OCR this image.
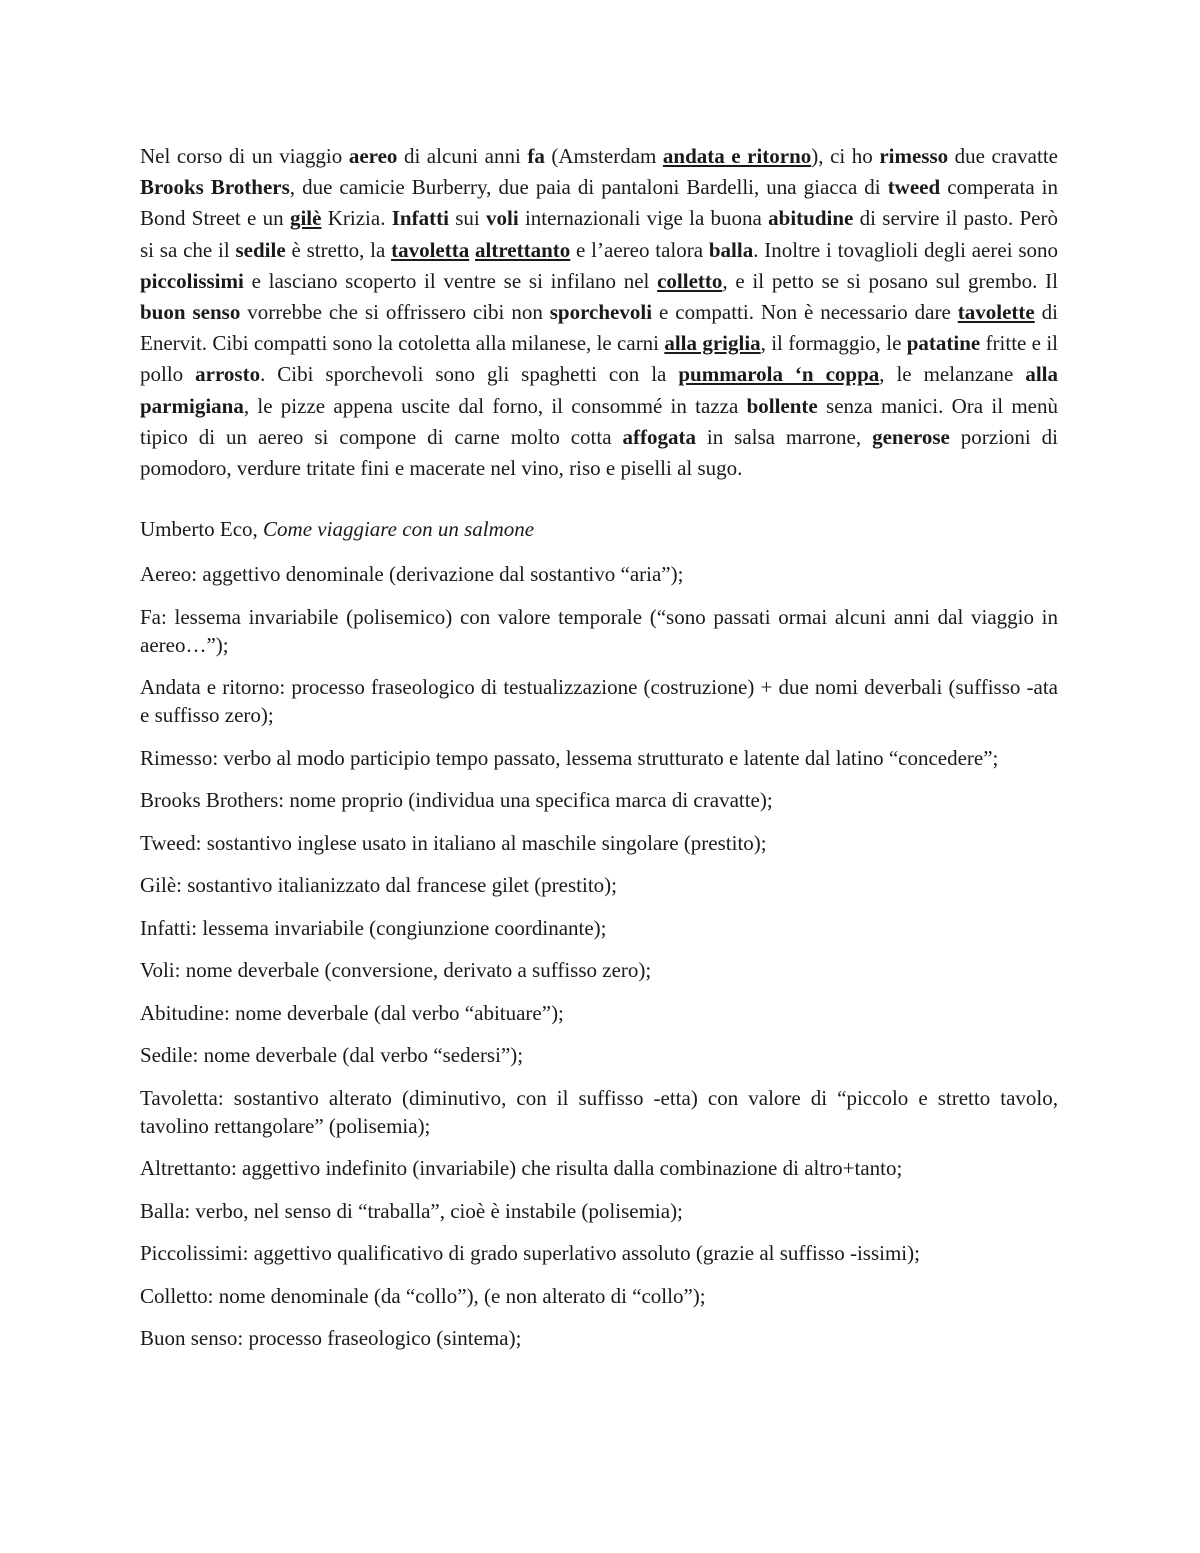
Nel corso di un viaggio aereo di alcuni anni fa (Amsterdam andata e ritorno), ci ho rimesso due cravatte Brooks Brothers, due camicie Burberry, due paia di pantaloni Bardelli, una giacca di tweed comperata in Bond Street e un gilè Krizia. Infatti sui voli internazionali vige la buona abitudine di servire il pasto. Però si sa che il sedile è stretto, la tavoletta altrettanto e l’aereo talora balla. Inoltre i tovaglioli degli aerei sono piccolissimi e lasciano scoperto il ventre se si infilano nel colletto, e il petto se si posano sul grembo. Il buon senso vorrebbe che si offrissero cibi non sporchevoli e compatti. Non è necessario dare tavolette di Enervit. Cibi compatti sono la cotoletta alla milanese, le carni alla griglia, il formaggio, le patatine fritte e il pollo arrosto. Cibi sporchevoli sono gli spaghetti con la pummarola ‘n coppa, le melanzane alla parmigiana, le pizze appena uscite dal forno, il consommé in tazza bollente senza manici. Ora il menù tipico di un aereo si compone di carne molto cotta affogata in salsa marrone, generose porzioni di pomodoro, verdure tritate fini e macerate nel vino, riso e piselli al sugo.

Umberto Eco, Come viaggiare con un salmone

Aereo: aggettivo denominale (derivazione dal sostantivo “aria”);
Fa: lessema invariabile (polisemico) con valore temporale (“sono passati ormai alcuni anni dal viaggio in aereo…”);
Andata e ritorno: processo fraseologico di testualizzazione (costruzione) + due nomi deverbali (suffisso -ata e suffisso zero);
Rimesso: verbo al modo participio tempo passato, lessema strutturato e latente dal latino “concedere”;
Brooks Brothers: nome proprio (individua una specifica marca di cravatte);
Tweed: sostantivo inglese usato in italiano al maschile singolare (prestito);
Gilè: sostantivo italianizzato dal francese gilet (prestito);
Infatti: lessema invariabile (congiunzione coordinante);
Voli: nome deverbale (conversione, derivato a suffisso zero);
Abitudine: nome deverbale (dal verbo “abituare”);
Sedile: nome deverbale (dal verbo “sedersi”);
Tavoletta: sostantivo alterato (diminutivo, con il suffisso -etta) con valore di “piccolo e stretto tavolo, tavolino rettangolare” (polisemia);
Altrettanto: aggettivo indefinito (invariabile) che risulta dalla combinazione di altro+tanto;
Balla: verbo, nel senso di “traballa”, cioè è instabile (polisemia);
Piccolissimi: aggettivo qualificativo di grado superlativo assoluto (grazie al suffisso -issimi);
Colletto: nome denominale (da “collo”), (e non alterato di “collo”);
Buon senso: processo fraseologico (sintema);
